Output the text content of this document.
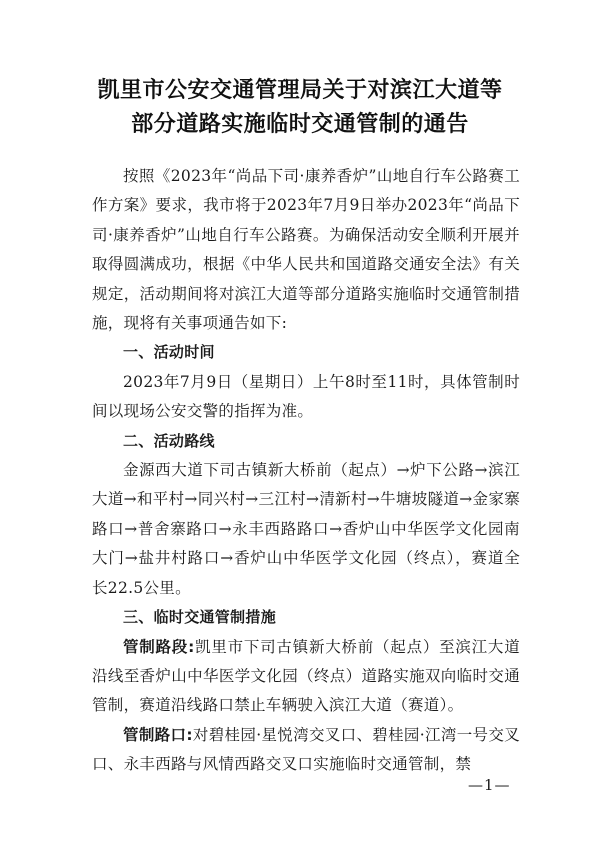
凯里市公安交通管理局关于对滨江大道等
部分道路实施临时交通管制的通告

按照《2023年“尚品下司·康养香炉”山地自行车公路赛工作方案》要求，我市将于2023年7月9日举办2023年“尚品下司·康养香炉”山地自行车公路赛。为确保活动安全顺利开展并取得圆满成功，根据《中华人民共和国道路交通安全法》有关规定，活动期间将对滨江大道等部分道路实施临时交通管制措施，现将有关事项通告如下:

一、活动时间

2023年7月9日（星期日）上午8时至11时，具体管制时间以现场公安交警的指挥为准。

二、活动路线

金源西大道下司古镇新大桥前（起点）→炉下公路→滨江大道→和平村→同兴村→三江村→清新村→牛塘坡隧道→金家寨路口→普舍寨路口→永丰西路路口→香炉山中华医学文化园南大门→盐井村路口→香炉山中华医学文化园（终点），赛道全长22.5公里。

三、临时交通管制措施

管制路段:凯里市下司古镇新大桥前（起点）至滨江大道沿线至香炉山中华医学文化园（终点）道路实施双向临时交通管制，赛道沿线路口禁止车辆驶入滨江大道（赛道）。

管制路口:对碧桂园·星悦湾交叉口、碧桂园·江湾一号交叉口、永丰西路与风情西路交叉口实施临时交通管制，禁

—1—
